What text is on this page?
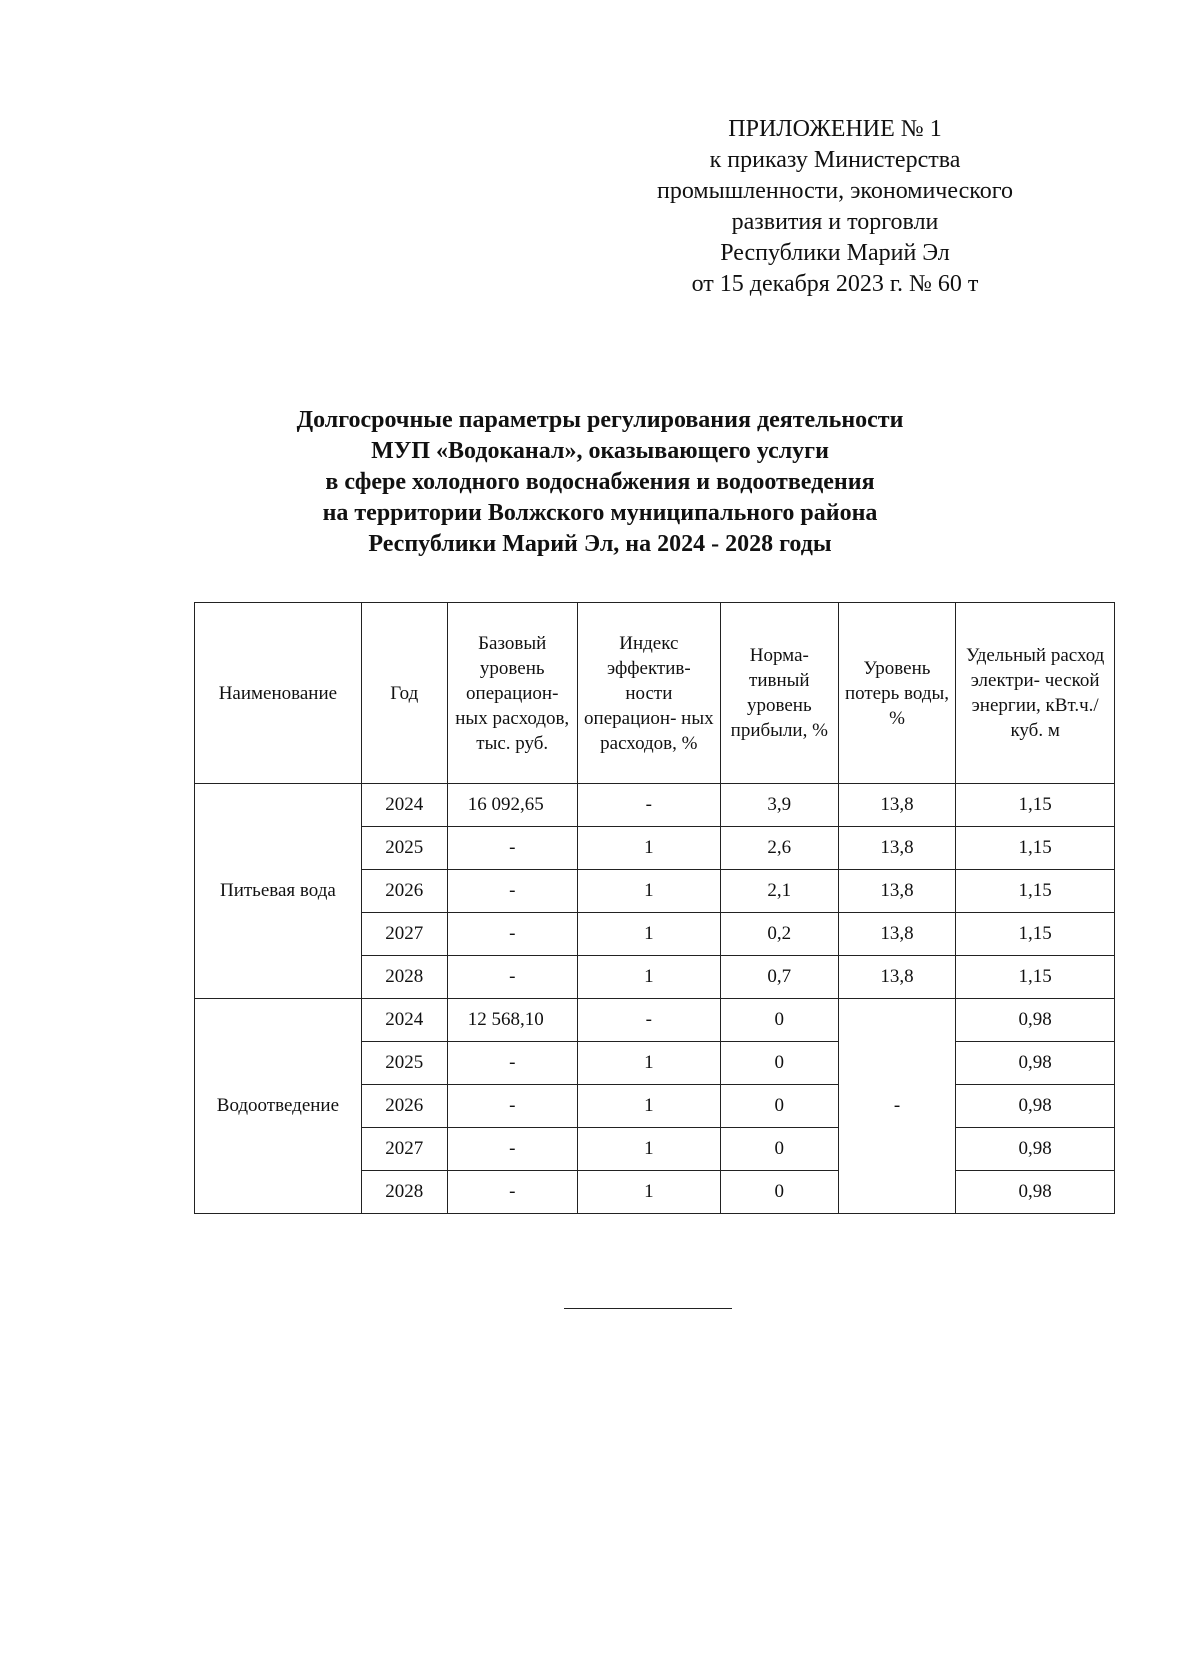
ПРИЛОЖЕНИЕ № 1
к приказу Министерства
промышленности, экономического
развития и торговли
Республики Марий Эл
от 15 декабря 2023 г. № 60 т
Долгосрочные параметры регулирования деятельности
МУП «Водоканал», оказывающего услуги
в сфере холодного водоснабжения и водоотведения
на территории Волжского муниципального района
Республики Марий Эл, на 2024 - 2028 годы
Наименование	Год	Базовый уровень операцион- ных расходов, тыс. руб.	Индекс эффектив- ности операцион- ных расходов, %	Норма- тивный уровень прибыли, %	Уровень потерь воды, %	Удельный расход электри- ческой энергии, кВт.ч./куб. м
Питьевая вода	2024	16 092,65	-	3,9	13,8	1,15
	2025	-	1	2,6	13,8	1,15
	2026	-	1	2,1	13,8	1,15
	2027	-	1	0,2	13,8	1,15
	2028	-	1	0,7	13,8	1,15
Водоотведение	2024	12 568,10	-	0	-	0,98
	2025	-	1	0		0,98
	2026	-	1	0		0,98
	2027	-	1	0		0,98
	2028	-	1	0		0,98
